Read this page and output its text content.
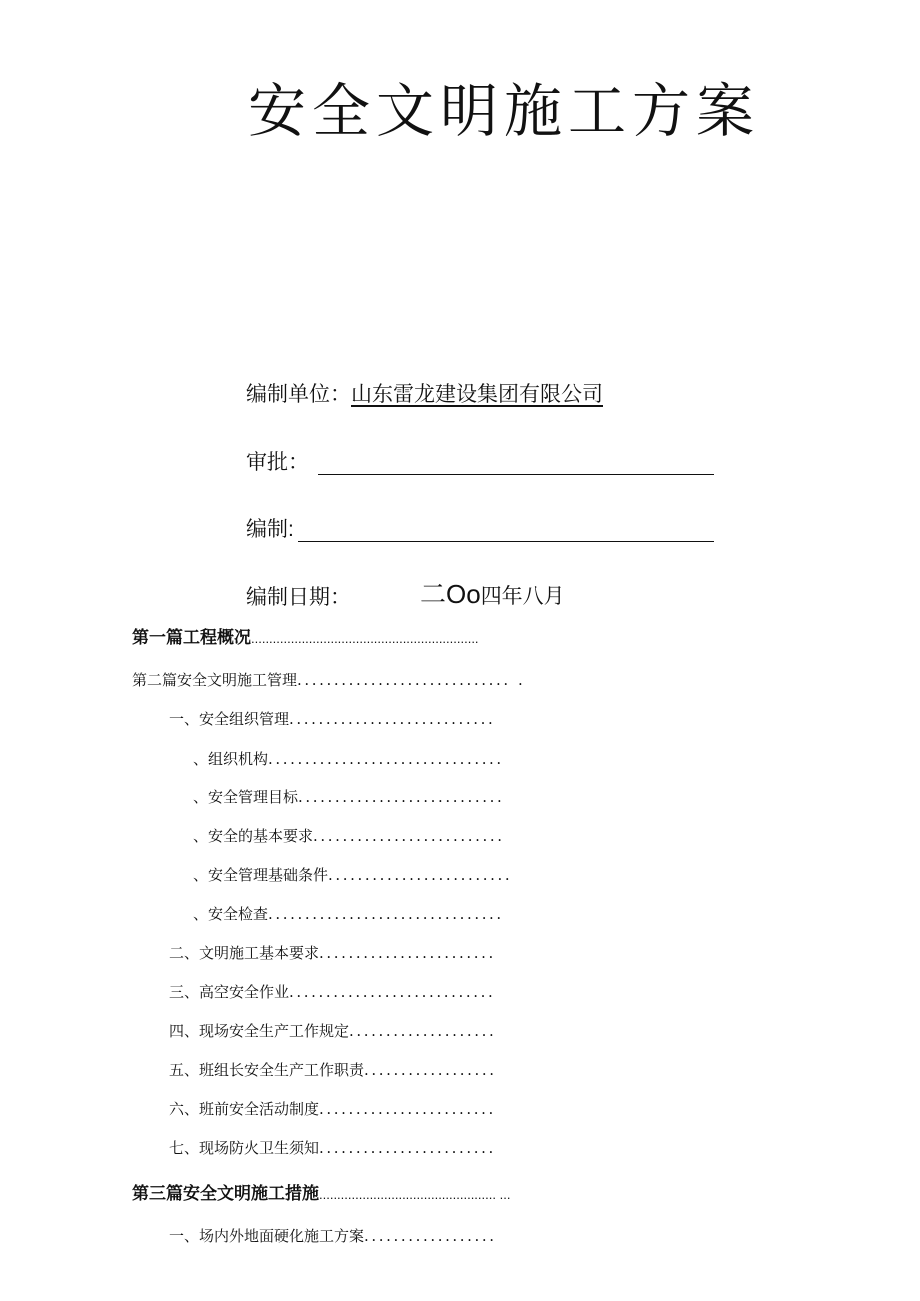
安全文明施工方案
编制单位：山东雷龙建设集团有限公司
审批：
编制:
编制日期：	二Oo四年八月
第一篇工程概况 ...............................................................
第二篇安全文明施工管理 ............................. .
一、安全组织管理 ............................
、组织机构 ................................
、安全管理目标 ............................
、安全的基本要求 ..........................
、安全管理基础条件 .........................
、安全检查 ................................
二、文明施工基本要求 ........................
三、高空安全作业 ............................
四、现场安全生产工作规定 ....................
五、班组长安全生产工作职责 ..................
六、班前安全活动制度 ........................
七、现场防火卫生须知 ........................
第三篇安全文明施工措施 ................................................. ...
一、场内外地面硬化施工方案 ..................
